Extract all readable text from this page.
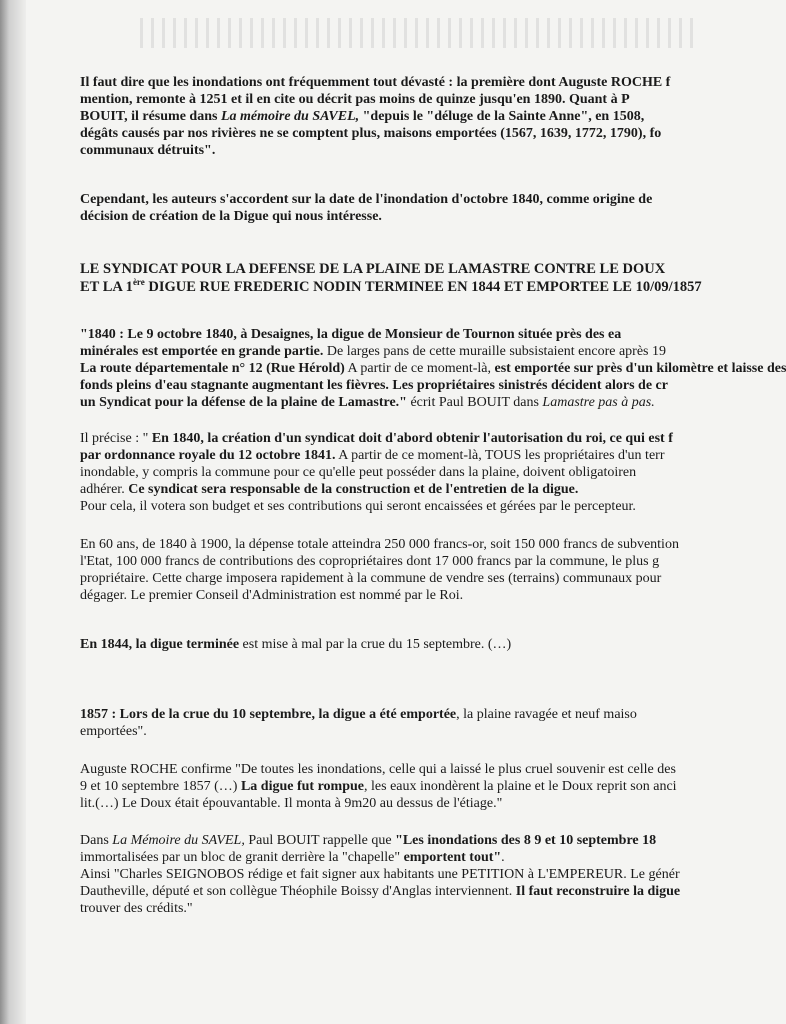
Il faut dire que les inondations ont fréquemment tout dévasté : la première dont Auguste ROCHE f
mention, remonte à 1251 et il en cite ou décrit pas moins de quinze jusqu'en 1890. Quant à P
BOUIT, il résume dans La mémoire du SAVEL, "depuis le "déluge de la Sainte Anne", en 1508,
dégâts causés par nos rivières ne se comptent plus, maisons emportées (1567, 1639, 1772, 1790), fo
communaux détruits".
Cependant, les auteurs s'accordent sur la date de l'inondation d'octobre 1840, comme origine de
décision de création de la Digue qui nous intéresse.
LE SYNDICAT POUR LA DEFENSE DE LA PLAINE DE LAMASTRE CONTRE LE DOUX
ET LA 1ère DIGUE RUE FREDERIC NODIN TERMINEE EN 1844 ET EMPORTEE LE 10/09/1857
"1840 : Le 9 octobre 1840, à Desaignes, la digue de Monsieur de Tournon située près des ea
minérales est emportée en grande partie. De larges pans de cette muraille subsistaient encore après 19
La route départementale n° 12 (Rue Hérold) A partir de ce moment-là, est emportée sur près d'un kilomètre et laisse des
fonds pleins d'eau stagnante augmentant les fièvres. Les propriétaires sinistrés décident alors de cr
un Syndicat pour la défense de la plaine de Lamastre." écrit Paul BOUIT dans Lamastre pas à pas.
Il précise : " En 1840, la création d'un syndicat doit d'abord obtenir l'autorisation du roi, ce qui est f
par ordonnance royale du 12 octobre 1841. A partir de ce moment-là, TOUS les propriétaires d'un terr
inondable, y compris la commune pour ce qu'elle peut posséder dans la plaine, doivent obligatoiren
adhérer. Ce syndicat sera responsable de la construction et de l'entretien de la digue.
Pour cela, il votera son budget et ses contributions qui seront encaissées et gérées par le percepteur.
En 60 ans, de 1840 à 1900, la dépense totale atteindra 250 000 francs-or, soit 150 000 francs de subvention
l'Etat, 100 000 francs de contributions des copropriétaires dont 17 000 francs par la commune, le plus g
propriétaire. Cette charge imposera rapidement à la commune de vendre ses (terrains) communaux pour
dégager. Le premier Conseil d'Administration est nommé par le Roi.
En 1844, la digue terminée est mise à mal par la crue du 15 septembre. (…)
1857 : Lors de la crue du 10 septembre, la digue a été emportée, la plaine ravagée et neuf maiso
emportées".
Auguste ROCHE confirme "De toutes les inondations, celle qui a laissé le plus cruel souvenir est celle des
9 et 10 septembre 1857 (…) La digue fut rompue, les eaux inondèrent la plaine et le Doux reprit son anci
lit.(…) Le Doux était épouvantable. Il monta à 9m20 au dessus de l'étiage."
Dans La Mémoire du SAVEL, Paul BOUIT rappelle que "Les inondations des 8 9 et 10 septembre 18
immortalisées par un bloc de granit derrière la "chapelle" emportent tout".
Ainsi "Charles SEIGNOBOS rédige et fait signer aux habitants une PETITION à L'EMPEREUR. Le génér
Dautheville, député et son collègue Théophile Boissy d'Anglas interviennent. Il faut reconstruire la digue
trouver des crédits."
